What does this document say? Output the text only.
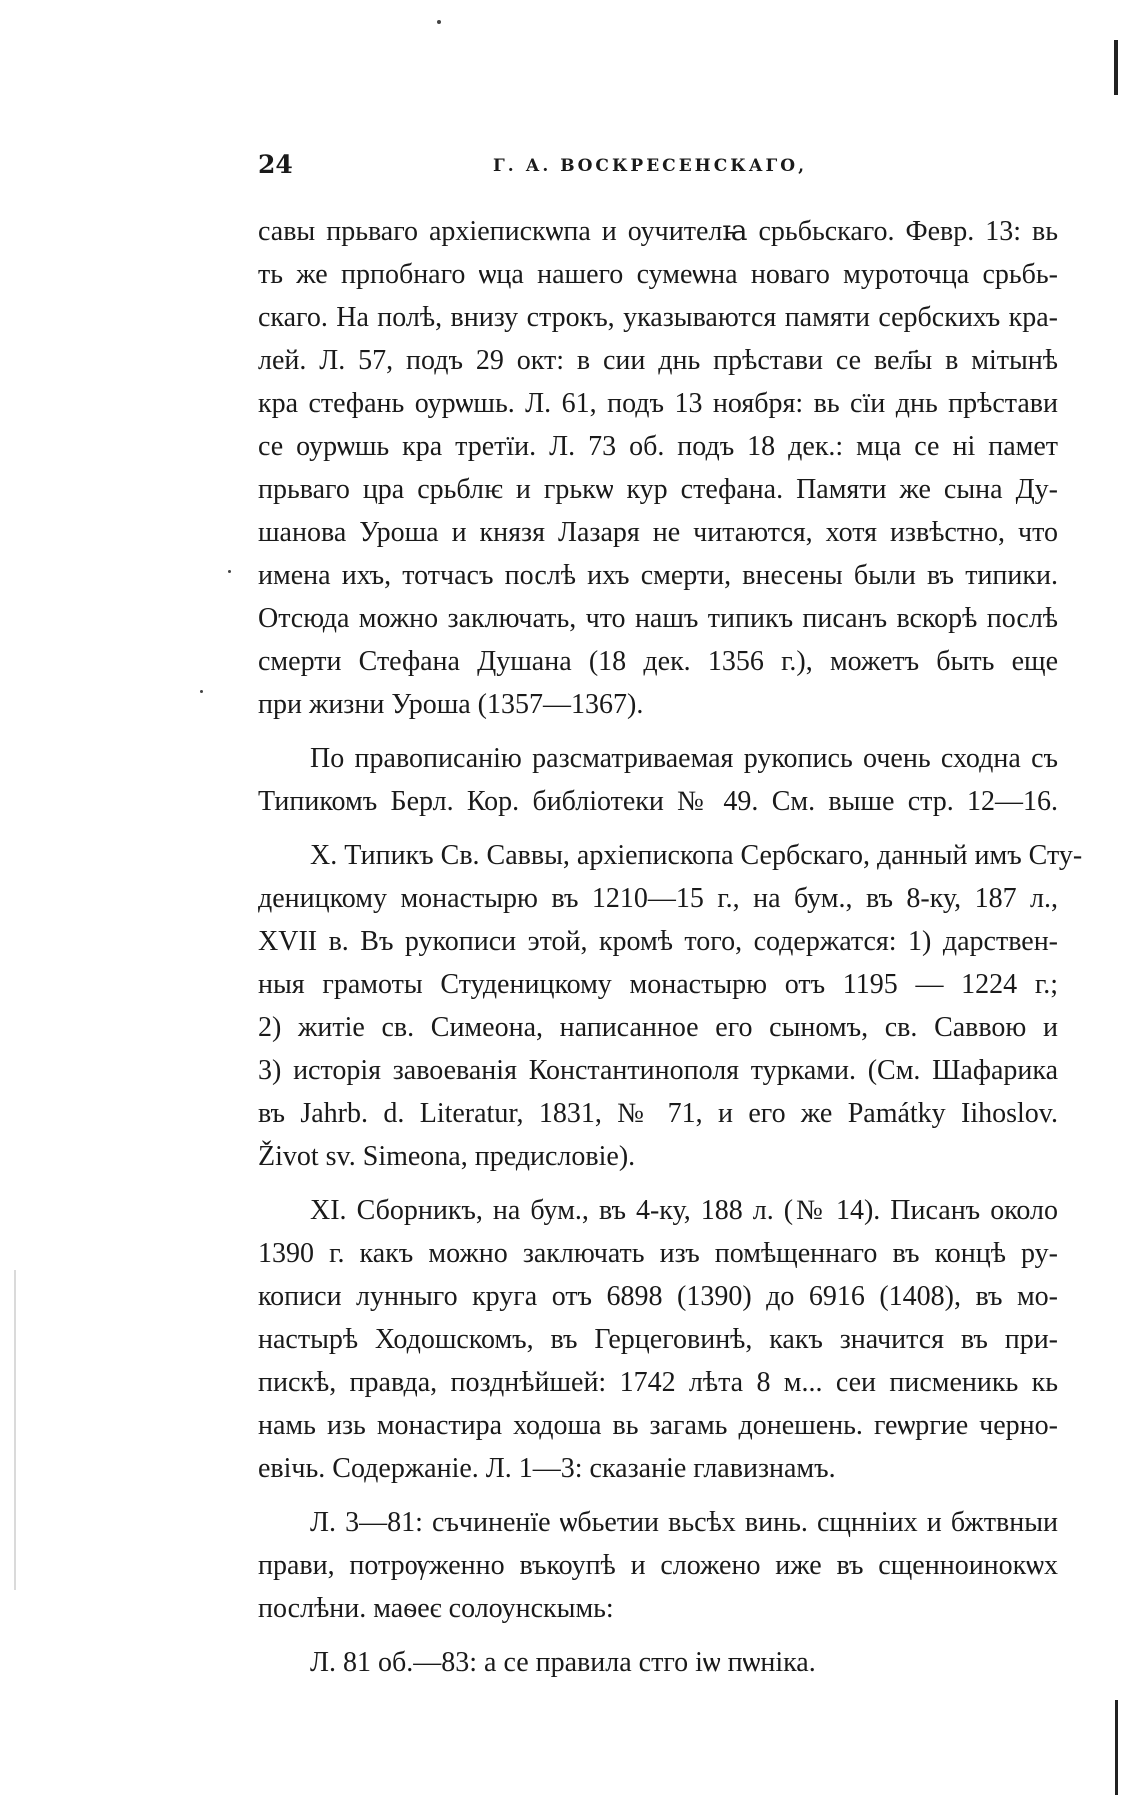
24	Г. А. ВОСКРЕСЕНСКАГО,

савы прьваго архіепискѡпа и оучителꙗ срьбьскаго. Февр. 13: вь
ть же прпобнаго ѡца нашего сумеѡна новаго муроточца срьбь-
скаго. На полѣ, внизу строкъ, указываются памяти сербскихъ кра-
лей. Л. 57, подъ 29 окт: в сии днь прѣстави се вел҃ы в мітынѣ
кра стефань оурѡшь. Л. 61, подъ 13 ноября: вь сїи днь прѣстави
се оурѡшь кра третїи. Л. 73 об. подъ 18 дек.: мца се ні памет
прьваго цра срьблѥ и грькѡ кур стефана. Памяти же сына Ду-
шанова Уроша и князя Лазаря не читаются, хотя извѣстно, что
имена ихъ, тотчасъ послѣ ихъ смерти, внесены были въ типики.
Отсюда можно заключать, что нашъ типикъ писанъ вскорѣ послѣ
смерти Стефана Душана (18 дек. 1356 г.), можетъ быть еще
при жизни Уроша (1357—1367).

По правописанію разсматриваемая рукопись очень сходна съ
Типикомъ Берл. Кор. библіотеки № 49. См. выше стр. 12—16.

X. Типикъ Св. Саввы, архіепископа Сербскаго, данный имъ Сту-
деницкому монастырю въ 1210—15 г., на бум., въ 8-ку, 187 л.,
XVII в. Въ рукописи этой, кромѣ того, содержатся: 1) дарствен-
ныя грамоты Студеницкому монастырю отъ 1195 — 1224 г.;
2) житіе св. Симеона, написанное его сыномъ, св. Саввою и
3) исторія завоеванія Константинополя турками. (См. Шафарика
въ Jahrb. d. Literatur, 1831, № 71, и его же Památky Iihoslov.
Život sv. Simeona, предисловіе).

XI. Сборникъ, на бум., въ 4-ку, 188 л. (№ 14). Писанъ около
1390 г. какъ можно заключать изъ помѣщеннаго въ концѣ ру-
кописи лунныго круга отъ 6898 (1390) до 6916 (1408), въ мо-
настырѣ Ходошскомъ, въ Герцеговинѣ, какъ значится въ при-
пискѣ, правда, позднѣйшей: 1742 лѣта 8 м... сеи писменикь кь
намь изь монастира ходоша вь загамь донешень. геѡргие черно-
евічь. Содержаніе. Л. 1—3: сказаніе главизнамъ.

Л. 3—81: съчиненїе ѡбьетии вьсѣх винь. сщнніих и бжтвныи
прави, потрѹженно въкоупѣ и сложено иже въ сщенноинокѡх
послѣни. маѳеє солоунскымь:

Л. 81 об.—83: а се правила стго іѡ пѡніка.
